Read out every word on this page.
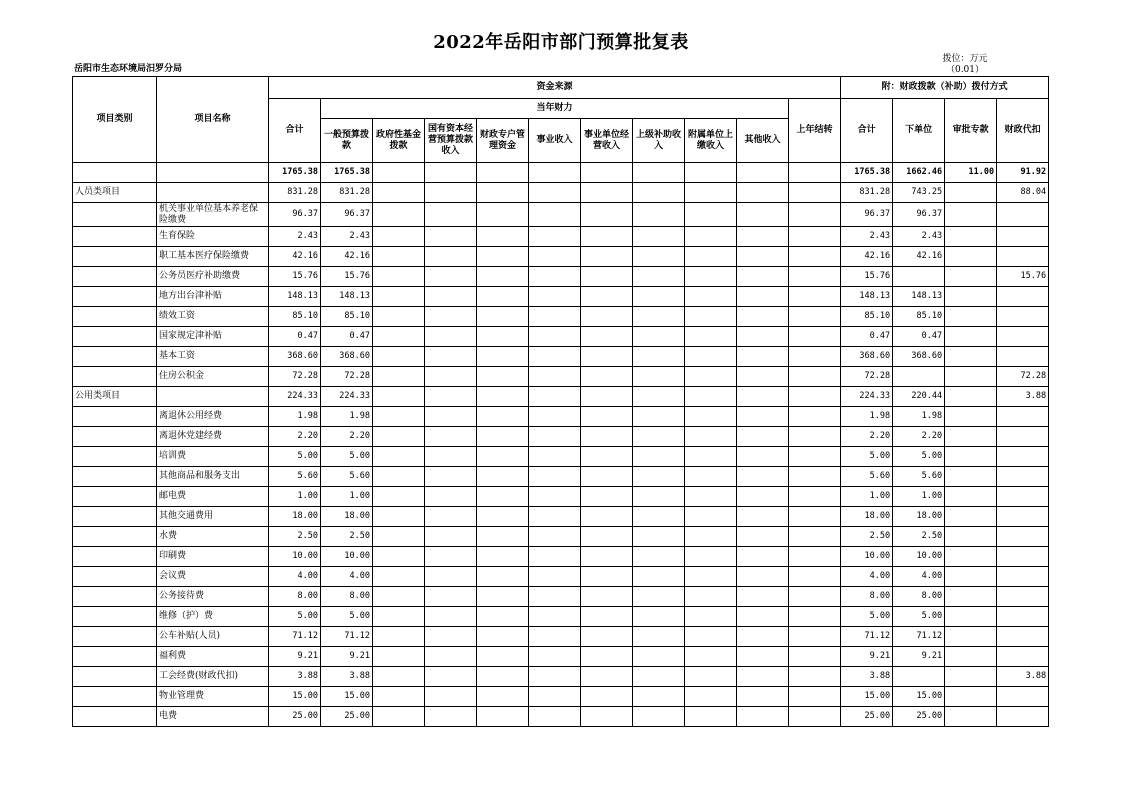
2022年岳阳市部门预算批复表
拨位：万元
（0.01）
岳阳市生态环境局汨罗分局
项目类别	项目名称	资金来源											附：财政拨款（补助）拨付方式			
		合计	当年财力									上年结转	合计	下单位	审批专款	财政代扣
			一般预算拨款	政府性基金拨款	国有资本经营预算拨款收入	财政专户管理资金	事业收入	事业单位经营收入	上级补助收入	附属单位上缴收入	其他收入					
		1765.38	1765.38										1765.38	1662.46	11.00	91.92
人员类项目		831.28	831.28										831.28	743.25		88.04
	机关事业单位基本养老保险缴费	96.37	96.37										96.37	96.37		
	生育保险	2.43	2.43										2.43	2.43		
	职工基本医疗保险缴费	42.16	42.16										42.16	42.16		
	公务员医疗补助缴费	15.76	15.76										15.76			15.76
	地方出台津补贴	148.13	148.13										148.13	148.13		
	绩效工资	85.10	85.10										85.10	85.10		
	国家规定津补贴	0.47	0.47										0.47	0.47		
	基本工资	368.60	368.60										368.60	368.60		
	住房公积金	72.28	72.28										72.28			72.28
公用类项目		224.33	224.33										224.33	220.44		3.88
	离退休公用经费	1.98	1.98										1.98	1.98		
	离退休党建经费	2.20	2.20										2.20	2.20		
	培训费	5.00	5.00										5.00	5.00		
	其他商品和服务支出	5.60	5.60										5.60	5.60		
	邮电费	1.00	1.00										1.00	1.00		
	其他交通费用	18.00	18.00										18.00	18.00		
	水费	2.50	2.50										2.50	2.50		
	印刷费	10.00	10.00										10.00	10.00		
	会议费	4.00	4.00										4.00	4.00		
	公务接待费	8.00	8.00										8.00	8.00		
	维修（护）费	5.00	5.00										5.00	5.00		
	公车补贴(人员)	71.12	71.12										71.12	71.12		
	福利费	9.21	9.21										9.21	9.21		
	工会经费(财政代扣)	3.88	3.88										3.88			3.88
	物业管理费	15.00	15.00										15.00	15.00		
	电费	25.00	25.00										25.00	25.00		
